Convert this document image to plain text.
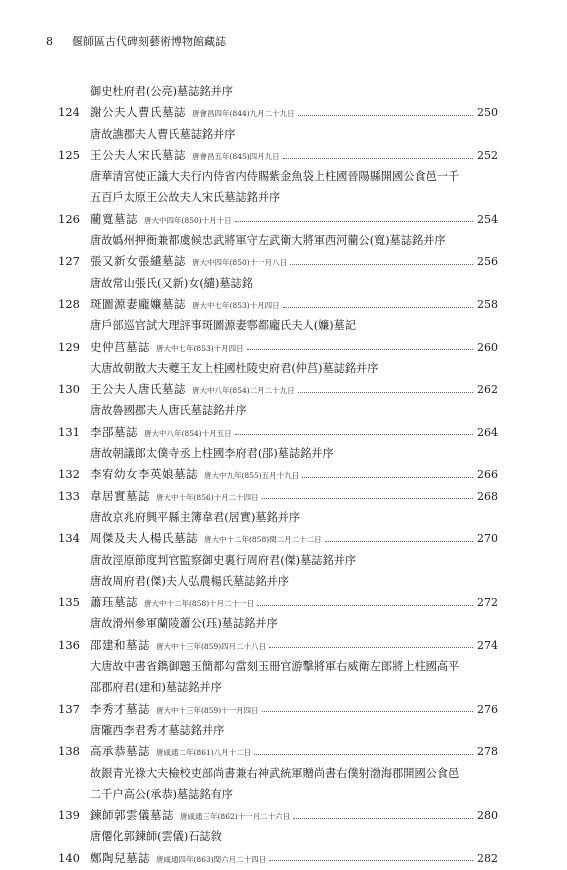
8 偃師區古代碑刻藝術博物館藏誌
御史杜府君(公亮)墓誌銘并序
124 謝公夫人曹氏墓誌 唐會昌四年(844)九月二十九日	250
唐故譙郡夫人曹氏墓誌銘并序
125 王公夫人宋氏墓誌 唐會昌五年(845)四月九日	252
唐華清宮使正議大夫行内侍省内侍賜紫金魚袋上柱國晉陽縣開國公食邑一千
五百戶太原王公故夫人宋氏墓誌銘并序
126 藺寬墓誌 唐大中四年(850)十月十日	254
唐故嬀州押衙兼都虞候忠武將軍守左武衛大將軍西河藺公(寬)墓誌銘并序
127 張又新女張繾墓誌 唐大中四年(850)十一月八日	256
唐故常山張氏(又新)女(繾)墓誌銘
128 斑圖源妻龐嬚墓誌 唐大中七年(853)十月四日	258
唐戶部巡官試大理評事斑圖源妻鄠都龐氏夫人(嬚)墓記
129 史仲莒墓誌 唐大中七年(853)十月四日	260
大唐故朝散大夫夔王友上柱國杜陵史府君(仲莒)墓誌銘并序
130 王公夫人唐氏墓誌 唐大中八年(854)二月二十九日	262
唐故魯國郡夫人唐氏墓誌銘并序
131 李郘墓誌 唐大中八年(854)十月五日	264
唐故朝議郎太僕寺丞上柱國李府君(郘)墓誌銘并序
132 李宥幼女李英娘墓誌 唐大中九年(855)五月十九日	266
133 韋居實墓誌 唐大中十年(856)十月二十四日	268
唐故京兆府興平縣主簿韋君(居實)墓銘并序
134 周傑及夫人楊氏墓誌 唐大中十二年(858)閏二月二十二日	270
唐故涇原節度判官監察御史裏行周府君(傑)墓誌銘并序
唐故周府君(傑)夫人弘農楊氏墓誌銘并序
135 蕭珏墓誌 唐大中十二年(858)十月二十一日	272
唐故滑州參軍蘭陵蕭公(珏)墓誌銘并序
136 邵建和墓誌 唐大中十三年(859)四月二十八日	274
大唐故中書省鐫御題玉簡都勾當刻玉冊官游擊將軍右威衛左郎將上柱國高平
邵郡府君(建和)墓誌銘并序
137 李秀才墓誌 唐大中十三年(859)十一月四日	276
唐隴西李君秀才墓誌銘并序
138 高承恭墓誌 唐咸通二年(861)八月十二日	278
故銀青光祿大夫檢校吏部尚書兼右神武統軍贈尚書右僕射渤海郡開國公食邑
二千户高公(承恭)墓誌銘有序
139 鍊師郭雲儀墓誌 唐咸通三年(862)十一月二十六日	280
唐僊化郭鍊師(雲儀)石誌敘
140 鄭陶兒墓誌 唐咸通四年(863)閏六月二十四日	282
